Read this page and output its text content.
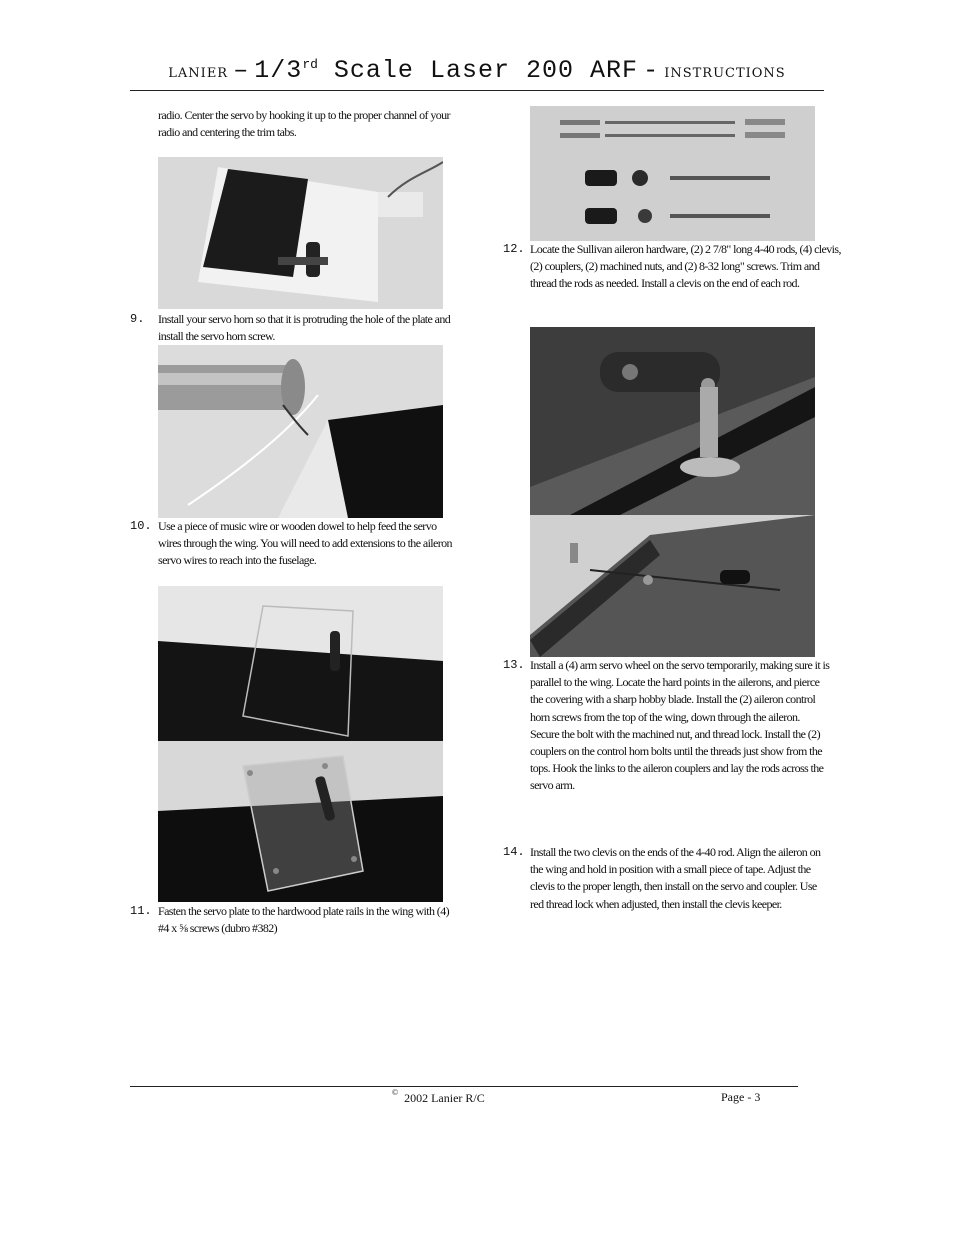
LANIER – 1/3rd Scale Laser 200 ARF - INSTRUCTIONS
radio. Center the servo by hooking it up to the proper channel of your radio and centering the trim tabs.
9. Install your servo horn so that it is protruding the hole of the plate and install the servo horn screw.
10. Use a piece of music wire or wooden dowel to help feed the servo wires through the wing. You will need to add extensions to the aileron servo wires to reach into the fuselage.
11. Fasten the servo plate to the hardwood plate rails in the wing with (4) #4 x ⅝ screws (dubro #382)
12. Locate the Sullivan aileron hardware, (2) 2 7/8" long 4-40 rods, (4) clevis, (2) couplers, (2) machined nuts, and (2) 8-32 long" screws. Trim and thread the rods as needed. Install a clevis on the end of each rod.
13. Install a (4) arm servo wheel on the servo temporarily, making sure it is parallel to the wing. Locate the hard points in the ailerons, and pierce the covering with a sharp hobby blade. Install the (2) aileron control horn screws from the top of the wing, down through the aileron. Secure the bolt with the machined nut, and thread lock. Install the (2) couplers on the control horn bolts until the threads just show from the tops. Hook the links to the aileron couplers and lay the rods across the servo arm.
14. Install the two clevis on the ends of the 4-40 rod. Align the aileron on the wing and hold in position with a small piece of tape. Adjust the clevis to the proper length, then install on the servo and coupler. Use red thread lock when adjusted, then install the clevis keeper.
© 2002 Lanier R/C	Page - 3
